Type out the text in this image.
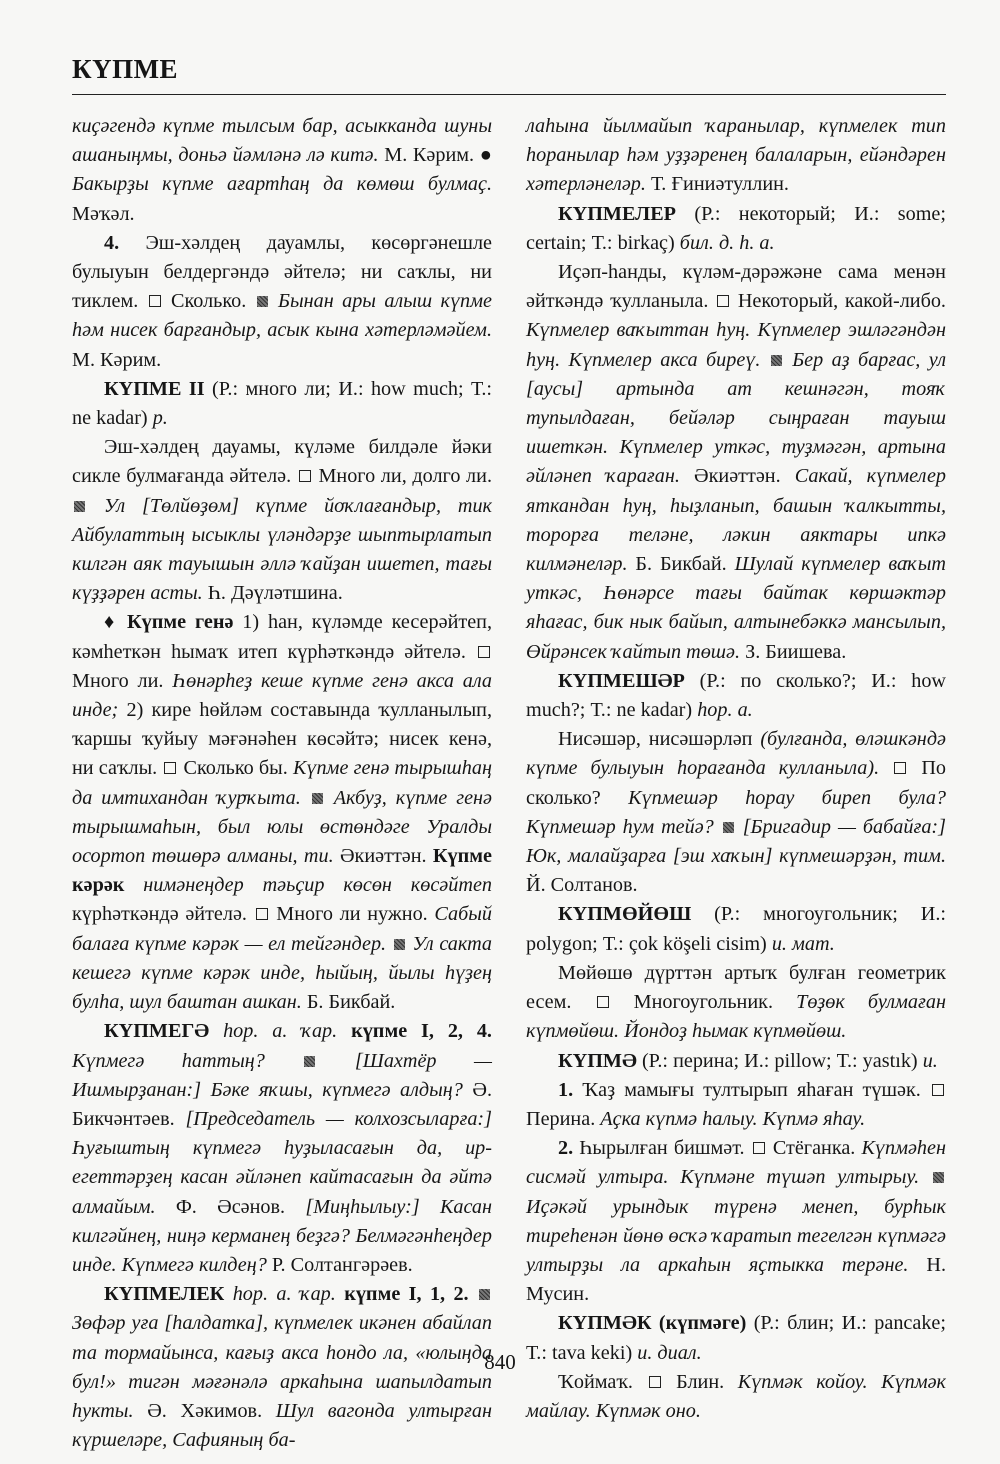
КҮПМЕ

киҫәгендә күпме тылсым бар, асыкканда шуны ашаныңмы, доньә йәмләнә лә китә. М. Кәрим. ● Бакырҙы күпме ағартһаң да көмөш булмаҫ. Мәҡәл.

4. Эш-хәлдең дауамлы, көсөргәнешле булыуын белдергәндә әйтелә; ни саҡлы, ни тиклем.  Сколько.  Бынан ары алыш күпме һәм нисек барғандыр, асык кына хәтерләмәйем. М. Кәрим.

КҮПМЕ II (Р.: много ли; И.: how much; Т.: ne kadar) р.

Эш-хәлдең дауамы, күләме билдәле йәки сикле булмағанда әйтелә.  Много ли, долго ли.  Ул [Төлйөҙөм] күпме йоҡлағандыр, тик Айбулаттың ысыклы үләндәрҙе шыптырлатып килгән аяк тауышын әллә ҡайҙан ишетеп, тағы күҙҙәрен асты. Һ. Дәүләтшина.

♦ Күпме генә 1) һан, күләмде кесерәйтеп, кәмһеткән һымаҡ итеп күрһәткәндә әйтелә.  Много ли. Һөнәрһеҙ кеше күпме генә акса ала инде; 2) кире һөйләм составында ҡулланылып, ҡаршы ҡуйыу мәғәнәһен көсәйтә; нисек кенә, ни саҡлы.  Сколько бы. Күпме генә тырышһаң да имтихандан ҡурҡыта.  Акбуҙ, күпме генә тырышмаһын, был юлы өстөндәге Уралды осортоп төшөрә алманы, ти. Әкиәттән. Күпме кәрәк нимәнеңдер тәьҫир көсөн көсәйтеп күрһәткәндә әйтелә.  Много ли нужно. Сабый балаға күпме кәрәк — ел тейгәндер.  Ул сакта кешегә күпме кәрәк инде, һыйың, йылы һүҙең булһа, шул баштан ашкан. Б. Бикбай.

КҮПМЕГӘ һор. а. ҡар. күпме I, 2, 4. Күпмегә һаттың?	[Шахтёр — Ишмырҙанан:] Бәке яҡшы, күпмегә алдың? Ә. Бикчәнтәев. [Председатель — колхозсыларға:] Һуғыштың күпмегә һуҙыласағын да, ир-егеттәрҙең касан әйләнеп кайтасағын да әйтә алмайым. Ф. Әсәнов. [Миңһылыу:] Касан килгәйнең, ниңә керманең беҙгә? Белмәгәнһеңдер инде. Күпмегә килдең? Р. Солтангәрәев.

КҮПМЕЛЕК һор. а. ҡар. күпме I, 1, 2.  Зөфәр уға [һалдатка], күпмелек икәнен абайлап та тормайынса, кағыҙ акса һондо ла, «юлыңда бул!» тигән мәғәнәлә аркаһына шапылдатып һукты. Ә. Хәкимов. Шул вагонда ултырған күршеләре, Сафияның ба-

лаһына йылмайып ҡаранылар, күпмелек тип һоранылар һәм уҙҙәренең балаларын, ейәндәрен хәтерләнеләр. Т. Ғиниәтуллин.

КҮПМЕЛЕР (Р.: некоторый; И.: some; certain; Т.: birkaç) бил. д. һ. а.

Иҫәп-һанды, күләм-дәрәжәне сама менән әйткәндә ҡулланыла.  Некоторый, какой-либо. Күпмелер ваҡыттан һуң. Күпмелер эшләгәндән һуң. Күпмелер акса биреү.  Бер аҙ барғас, ул [аусы] артында ат кешнәгән, тояҡ тупылдаған, бейәләр сыңраған тауыш ишеткән. Күпмелер уткәс, туҙмәгән, артына әйләнеп ҡараған. Әкиәттән. Сакай, күпмелер яткандан һуң, һыҙланып, башын ҡалкытты, торорға теләне, ләкин аяктары ипкә килмәнеләр. Б. Бикбай. Шулай күпмелер ваҡыт уткәс, Һөнәрсе тағы байтак көршәктәр яһағас, бик нык байып, алтынебәккә мансылып, Өйрәнсек ҡайтып төшә. З. Биишева.

КҮПМЕШӘР (Р.: по сколько?; И.: how much?; Т.: ne kadar) һор. а.

Нисәшәр, нисәшәрләп (булғанда, өләшкәндә күпме булыуын һорағанда кулланыла).  По сколько? Күпмешәр һорау биреп була? Күпмешәр һум тейә?  [Бригадир — бабайға:] Юк, малайҙарға [эш хаҡын] күпмешәрҙән, тим. Й. Солтанов.

КҮПМӨЙӨШ (Р.: многоугольник; И.: polygon; Т.: çok köşeli cisim) и. мат.

Мөйөшө дүрттән артыҡ булған геометрик есем.  Многоугольник. Төҙөк булмаған күпмөйөш. Йондоҙ һымак күпмөйөш.

КҮПМӘ (Р.: перина; И.: pillow; Т.: yastık) и.

1. Ҡаҙ мамығы тултырып яһаған түшәк.  Перина. Аҫка күпмә һалыу. Күпмә яһау.

2. Һырылған бишмәт.  Стёганка. Күпмәһен сисмәй ултыра. Күпмәне түшәп ултырыу.  Иҫәкәй урындык түренә менеп, бурһык тиреһенән йөнө өсҡә ҡаратып тегелгән күпмәгә ултырҙы ла аркаһын яҫтыкка терәне. Н. Мусин.

КҮПМӘК (күпмәге) (Р.: блин; И.: pancake; Т.: tava keki) и. диал.

Ҡоймаҡ.  Блин. Күпмәк койоу. Күпмәк майлау. Күпмәк оно.

840
